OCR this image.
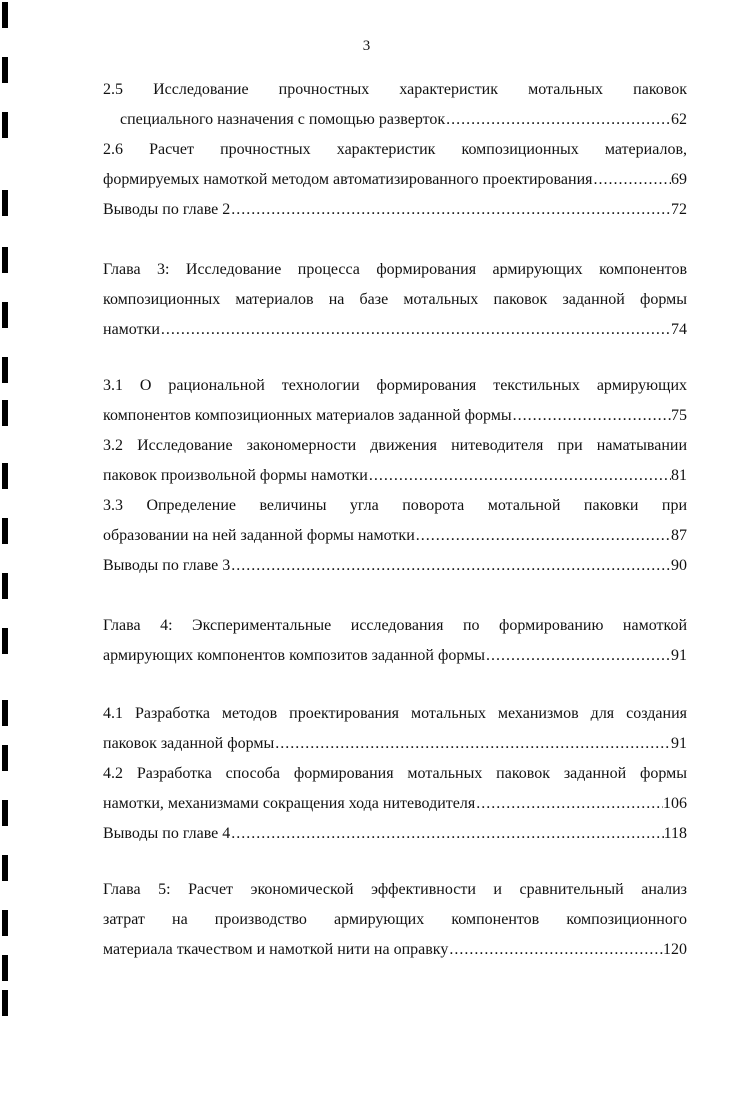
3
2.5 Исследование прочностных характеристик мотальных паковок
специального назначения с помощью разверток .....	62
2.6 Расчет прочностных характеристик композиционных материалов,
формируемых намоткой методом автоматизированного проектирования .....	69
Выводы по главе 2 .....	72
Глава 3: Исследование процесса формирования армирующих компонентов
композиционных материалов на базе мотальных паковок заданной формы
намотки .....	74
3.1 О рациональной технологии формирования текстильных армирующих
компонентов композиционных материалов заданной формы .....	75
3.2 Исследование закономерности движения нитеводителя при наматывании
паковок произвольной формы намотки .....	81
3.3 Определение величины угла поворота мотальной паковки при
образовании на ней заданной формы намотки .....	87
Выводы по главе 3 .....	90
Глава 4: Экспериментальные исследования по формированию намоткой
армирующих компонентов композитов заданной формы .....	91
4.1 Разработка методов проектирования мотальных механизмов для создания
паковок заданной формы .....	91
4.2 Разработка способа формирования мотальных паковок заданной формы
намотки, механизмами сокращения хода нитеводителя .....	106
Выводы по главе 4 .....	118
Глава 5: Расчет экономической эффективности и сравнительный анализ
затрат на производство армирующих компонентов композиционного
материала ткачеством и намоткой нити на оправку .....	120
